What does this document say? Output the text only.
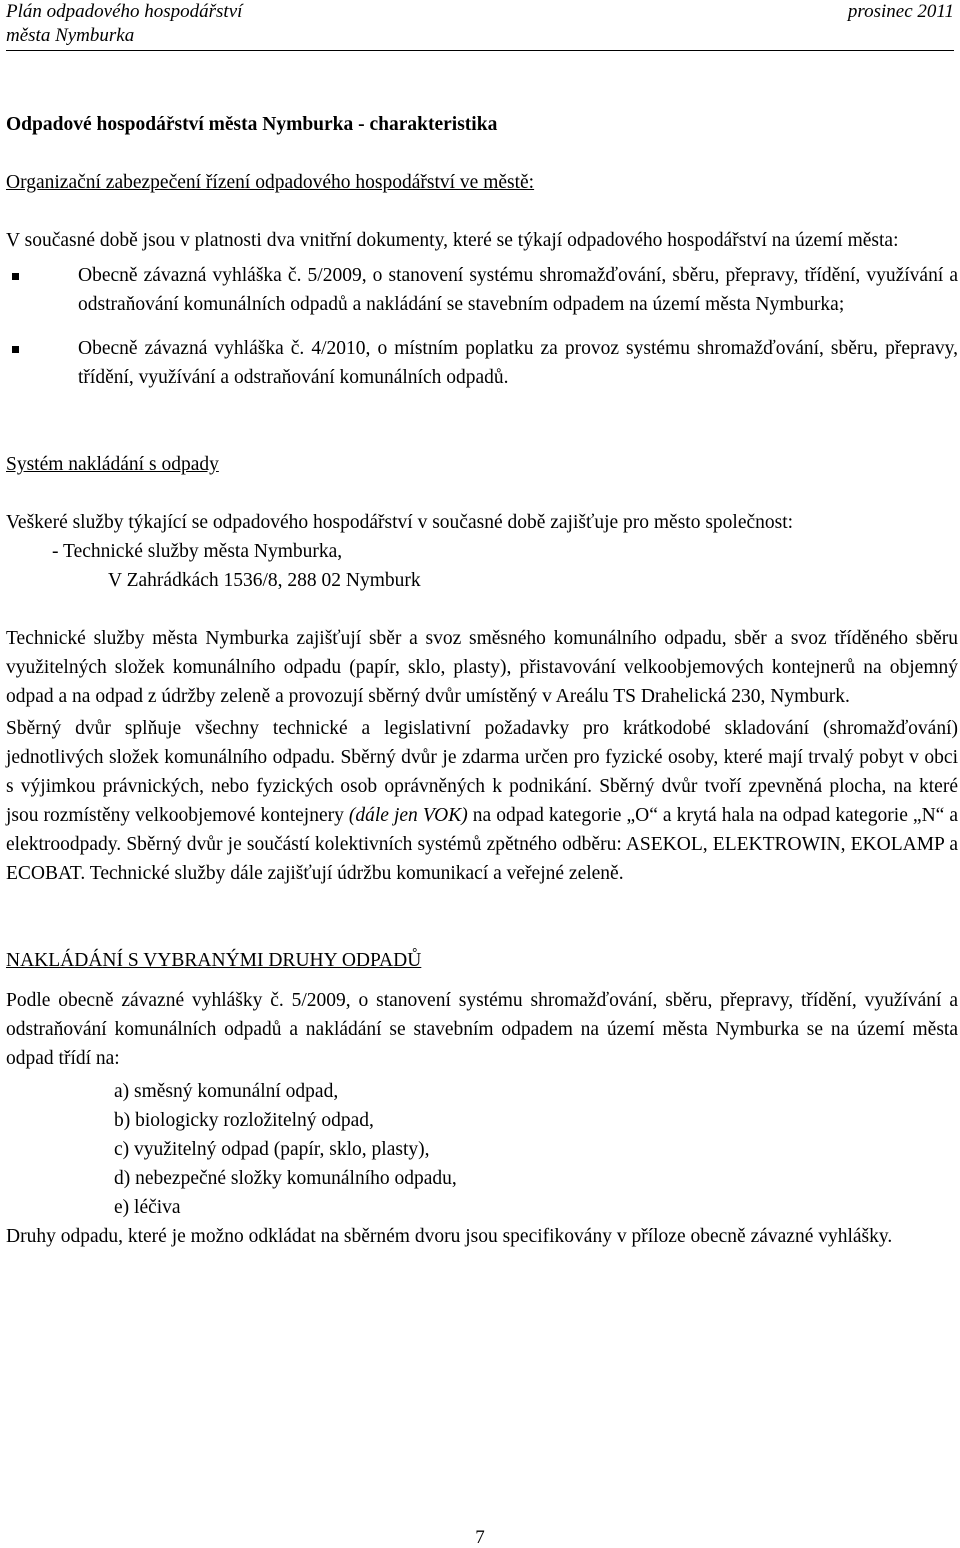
Plán odpadového hospodářství
města Nymburka
prosinec 2011

Odpadové hospodářství města Nymburka - charakteristika

Organizační zabezpečení řízení odpadového hospodářství ve městě:

V současné době jsou v platnosti dva vnitřní dokumenty, které se týkají odpadového hospodářství na území města:

Obecně závazná vyhláška č. 5/2009, o stanovení systému shromažďování, sběru, přepravy, třídění, využívání a odstraňování komunálních odpadů a nakládání se stavebním odpadem na území města Nymburka;
Obecně závazná vyhláška č. 4/2010, o místním poplatku za provoz systému shromažďování, sběru, přepravy, třídění, využívání a odstraňování komunálních odpadů.

Systém nakládání s odpady

Veškeré služby týkající se odpadového hospodářství v současné době zajišťuje pro město společnost:

- Technické služby města Nymburka,
V Zahrádkách 1536/8, 288 02 Nymburk

Technické služby města Nymburka zajišťují sběr a svoz směsného komunálního odpadu, sběr a svoz tříděného sběru využitelných složek komunálního odpadu (papír, sklo, plasty), přistavování velkoobjemových kontejnerů na objemný odpad a na odpad z údržby zeleně a provozují sběrný dvůr umístěný v Areálu TS Drahelická 230, Nymburk.

Sběrný dvůr splňuje všechny technické a legislativní požadavky pro krátkodobé skladování (shromažďování) jednotlivých složek komunálního odpadu. Sběrný dvůr je zdarma určen pro fyzické osoby, které mají trvalý pobyt v obci s výjimkou právnických, nebo fyzických osob oprávněných k podnikání. Sběrný dvůr tvoří zpevněná plocha, na které jsou rozmístěny velkoobjemové kontejnery (dále jen VOK) na odpad kategorie „O“ a krytá hala na odpad kategorie „N“ a elektroodpady. Sběrný dvůr je součástí kolektivních systémů zpětného odběru: ASEKOL, ELEKTROWIN, EKOLAMP a ECOBAT. Technické služby dále zajišťují údržbu komunikací a veřejné zeleně.

NAKLÁDÁNÍ S VYBRANÝMI DRUHY ODPADŮ

Podle obecně závazné vyhlášky č. 5/2009, o stanovení systému shromažďování, sběru, přepravy, třídění, využívání a odstraňování komunálních odpadů a nakládání se stavebním odpadem na území města Nymburka se na území města odpad třídí na:

a) směsný komunální odpad,
b) biologicky rozložitelný odpad,
c) využitelný odpad (papír, sklo, plasty),
d) nebezpečné složky komunálního odpadu,
e) léčiva

Druhy odpadu, které je možno odkládat na sběrném dvoru jsou specifikovány v příloze obecně závazné vyhlášky.

7
